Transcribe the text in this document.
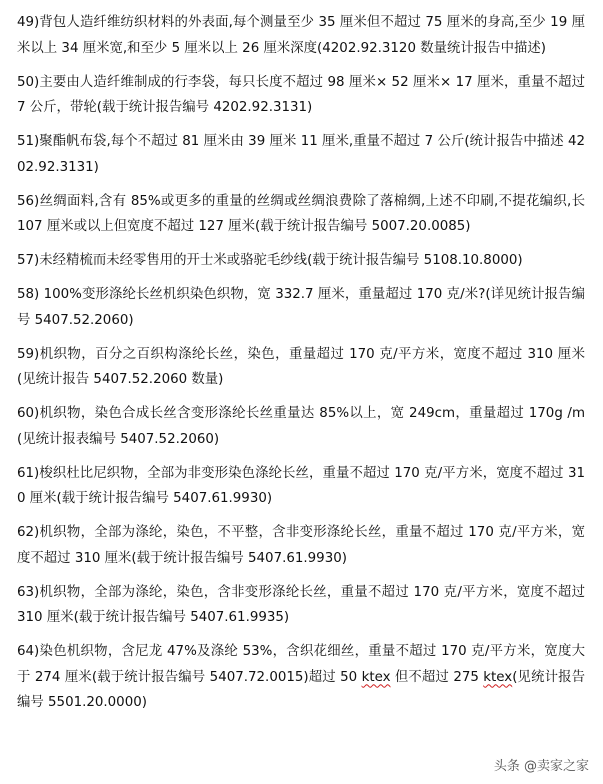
49)背包人造纤维纺织材料的外表面,每个测量至少 35 厘米但不超过 75 厘米的身高,至少 19 厘米以上 34 厘米宽,和至少 5 厘米以上 26 厘米深度(4202.92.3120 数量统计报告中描述)

50)主要由人造纤维制成的行李袋，每只长度不超过 98 厘米× 52 厘米× 17 厘米，重量不超过 7 公斤，带轮(载于统计报告编号 4202.92.3131)

51)聚酯帆布袋,每个不超过 81 厘米由 39 厘米 11 厘米,重量不超过 7 公斤(统计报告中描述 4202.92.3131)

56)丝绸面料,含有 85%或更多的重量的丝绸或丝绸浪费除了落棉绸,上述不印刷,不提花编织,长 107 厘米或以上但宽度不超过 127 厘米(载于统计报告编号 5007.20.0085)

57)未经精梳而未经零售用的开士米或骆驼毛纱线(载于统计报告编号 5108.10.8000)

58) 100%变形涤纶长丝机织染色织物，宽 332.7 厘米，重量超过 170 克/米?(详见统计报告编号 5407.52.2060)

59)机织物，百分之百织构涤纶长丝，染色，重量超过 170 克/平方米，宽度不超过 310 厘米(见统计报告 5407.52.2060 数量)

60)机织物，染色合成长丝含变形涤纶长丝重量达 85%以上，宽 249cm，重量超过 170g /m(见统计报表编号 5407.52.2060)

61)梭织杜比尼织物，全部为非变形染色涤纶长丝，重量不超过 170 克/平方米，宽度不超过 310 厘米(载于统计报告编号 5407.61.9930)

62)机织物，全部为涤纶，染色，不平整，含非变形涤纶长丝，重量不超过 170 克/平方米，宽度不超过 310 厘米(载于统计报告编号 5407.61.9930)

63)机织物，全部为涤纶，染色，含非变形涤纶长丝，重量不超过 170 克/平方米，宽度不超过 310 厘米(载于统计报告编号 5407.61.9935)

64)染色机织物，含尼龙 47%及涤纶 53%，含织花细丝，重量不超过 170 克/平方米，宽度大于 274 厘米(载于统计报告编号 5407.72.0015)超过 50 ktex 但不超过 275 ktex(见统计报告编号 5501.20.0000)

头条 @卖家之家
